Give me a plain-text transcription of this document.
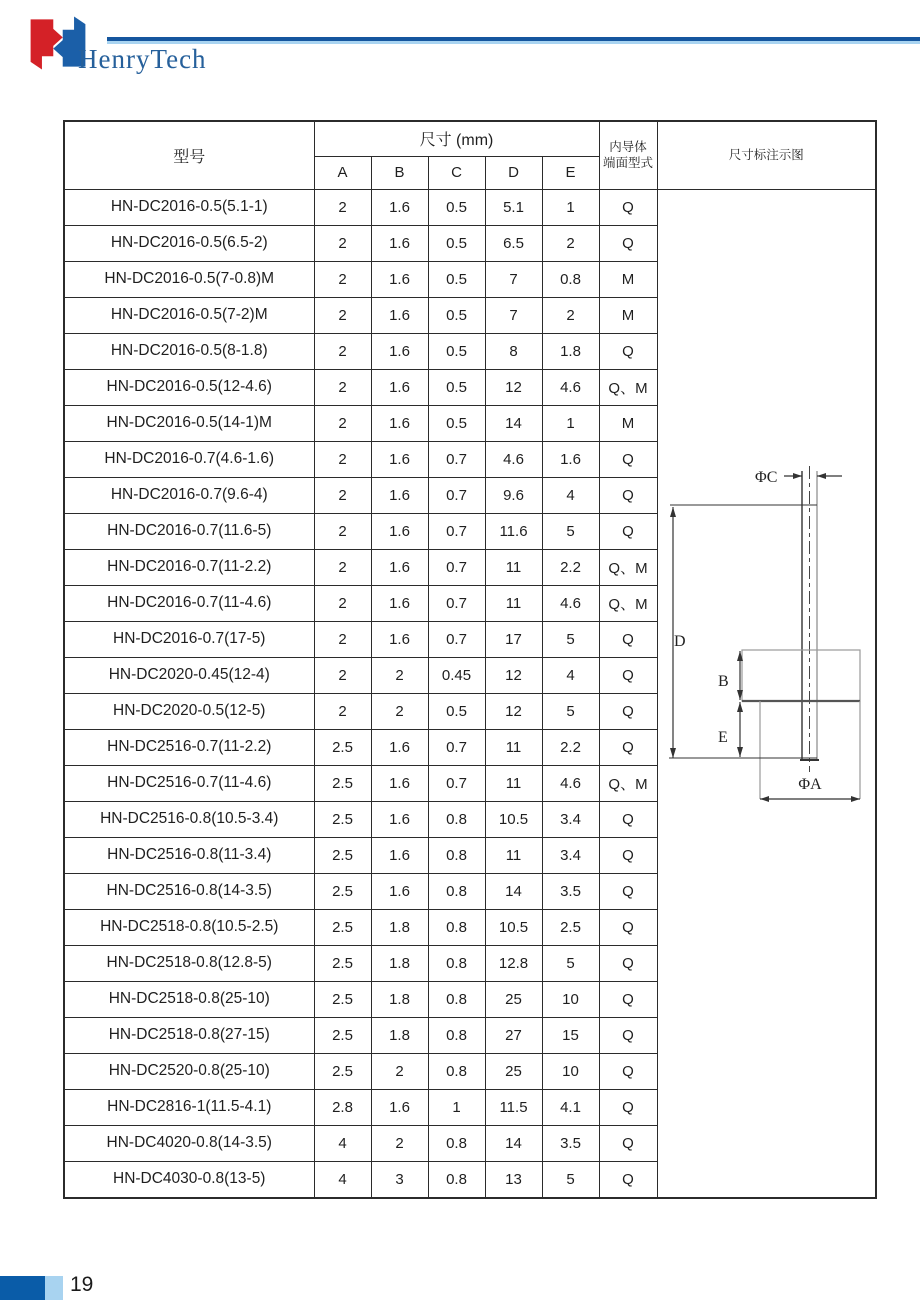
HenryTech
型号	尺寸 (mm)					内导体
端面型式	尺寸标注示图
	A	B	C	D	E		
HN-DC2016-0.5(5.1-1)	2	1.6	0.5	5.1	1	Q	ΦC
D
B
E
ΦA

HN-DC2016-0.5(6.5-2)	2	1.6	0.5	6.5	2	Q	
HN-DC2016-0.5(7-0.8)M	2	1.6	0.5	7	0.8	M	
HN-DC2016-0.5(7-2)M	2	1.6	0.5	7	2	M	
HN-DC2016-0.5(8-1.8)	2	1.6	0.5	8	1.8	Q	
HN-DC2016-0.5(12-4.6)	2	1.6	0.5	12	4.6	Q、M	
HN-DC2016-0.5(14-1)M	2	1.6	0.5	14	1	M	
HN-DC2016-0.7(4.6-1.6)	2	1.6	0.7	4.6	1.6	Q	
HN-DC2016-0.7(9.6-4)	2	1.6	0.7	9.6	4	Q	
HN-DC2016-0.7(11.6-5)	2	1.6	0.7	11.6	5	Q	
HN-DC2016-0.7(11-2.2)	2	1.6	0.7	11	2.2	Q、M	
HN-DC2016-0.7(11-4.6)	2	1.6	0.7	11	4.6	Q、M	
HN-DC2016-0.7(17-5)	2	1.6	0.7	17	5	Q	
HN-DC2020-0.45(12-4)	2	2	0.45	12	4	Q	
HN-DC2020-0.5(12-5)	2	2	0.5	12	5	Q	
HN-DC2516-0.7(11-2.2)	2.5	1.6	0.7	11	2.2	Q	
HN-DC2516-0.7(11-4.6)	2.5	1.6	0.7	11	4.6	Q、M	
HN-DC2516-0.8(10.5-3.4)	2.5	1.6	0.8	10.5	3.4	Q	
HN-DC2516-0.8(11-3.4)	2.5	1.6	0.8	11	3.4	Q	
HN-DC2516-0.8(14-3.5)	2.5	1.6	0.8	14	3.5	Q	
HN-DC2518-0.8(10.5-2.5)	2.5	1.8	0.8	10.5	2.5	Q	
HN-DC2518-0.8(12.8-5)	2.5	1.8	0.8	12.8	5	Q	
HN-DC2518-0.8(25-10)	2.5	1.8	0.8	25	10	Q	
HN-DC2518-0.8(27-15)	2.5	1.8	0.8	27	15	Q	
HN-DC2520-0.8(25-10)	2.5	2	0.8	25	10	Q	
HN-DC2816-1(11.5-4.1)	2.8	1.6	1	11.5	4.1	Q	
HN-DC4020-0.8(14-3.5)	4	2	0.8	14	3.5	Q	
HN-DC4030-0.8(13-5)	4	3	0.8	13	5	Q	
19
